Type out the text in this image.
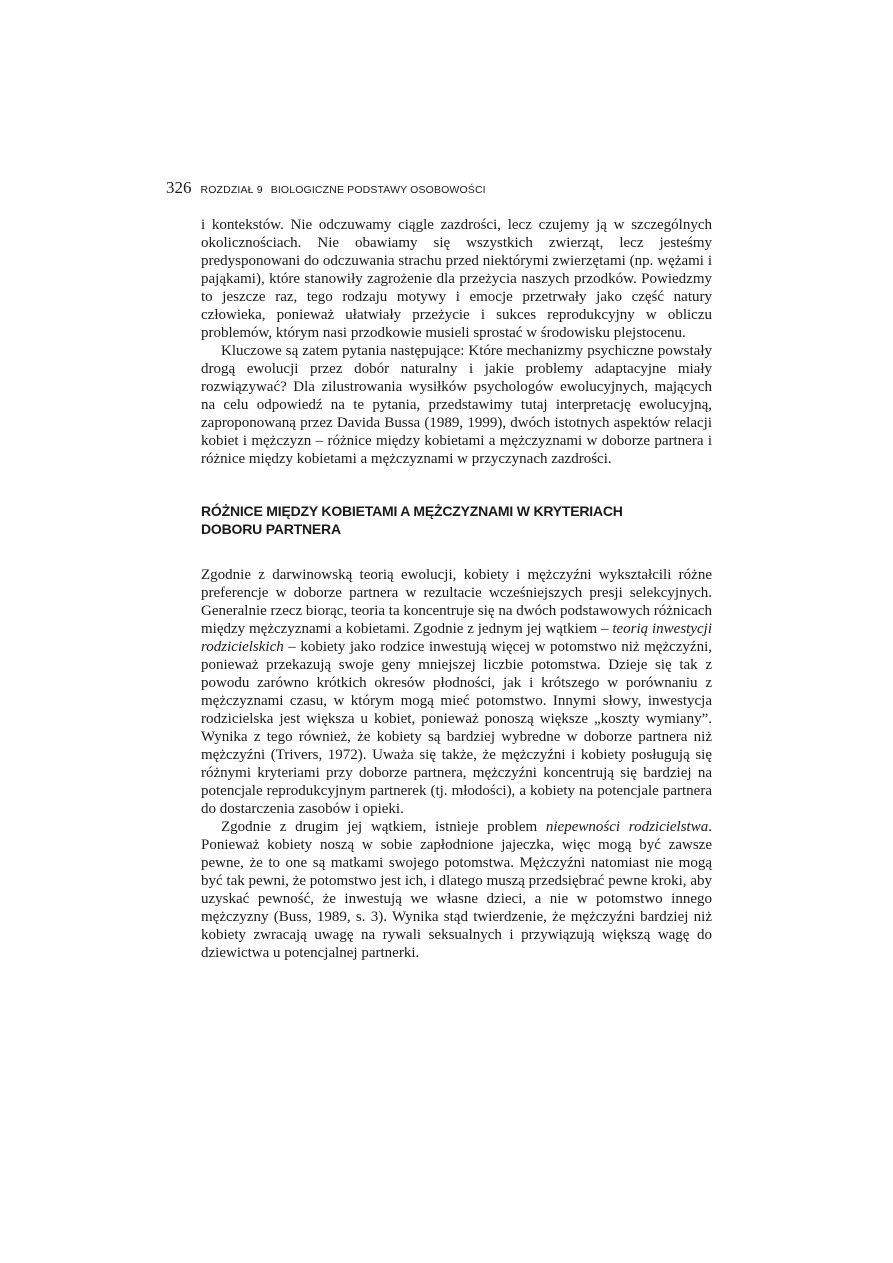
326 ROZDZIAŁ 9 BIOLOGICZNE PODSTAWY OSOBOWOŚCI

i kontekstów. Nie odczuwamy ciągle zazdrości, lecz czujemy ją w szczególnych okolicznościach. Nie obawiamy się wszystkich zwierząt, lecz jesteśmy predysponowani do odczuwania strachu przed niektórymi zwierzętami (np. wężami i pająkami), które stanowiły zagrożenie dla przeżycia naszych przodków. Powiedzmy to jeszcze raz, tego rodzaju motywy i emocje przetrwały jako część natury człowieka, ponieważ ułatwiały przeżycie i sukces reprodukcyjny w obliczu problemów, którym nasi przodkowie musieli sprostać w środowisku plejstocenu.

Kluczowe są zatem pytania następujące: Które mechanizmy psychiczne powstały drogą ewolucji przez dobór naturalny i jakie problemy adaptacyjne miały rozwiązywać? Dla zilustrowania wysiłków psychologów ewolucyjnych, mających na celu odpowiedź na te pytania, przedstawimy tutaj interpretację ewolucyjną, zaproponowaną przez Davida Bussa (1989, 1999), dwóch istotnych aspektów relacji kobiet i mężczyzn – różnice między kobietami a mężczyznami w doborze partnera i różnice między kobietami a mężczyznami w przyczynach zazdrości.

RÓŻNICE MIĘDZY KOBIETAMI A MĘŻCZYZNAMI W KRYTERIACH
DOBORU PARTNERA

Zgodnie z darwinowską teorią ewolucji, kobiety i mężczyźni wykształcili różne preferencje w doborze partnera w rezultacie wcześniejszych presji selekcyjnych. Generalnie rzecz biorąc, teoria ta koncentruje się na dwóch podstawowych różnicach między mężczyznami a kobietami. Zgodnie z jednym jej wątkiem – teorią inwestycji rodzicielskich – kobiety jako rodzice inwestują więcej w potomstwo niż mężczyźni, ponieważ przekazują swoje geny mniejszej liczbie potomstwa. Dzieje się tak z powodu zarówno krótkich okresów płodności, jak i krótszego w porównaniu z mężczyznami czasu, w którym mogą mieć potomstwo. Innymi słowy, inwestycja rodzicielska jest większa u kobiet, ponieważ ponoszą większe „koszty wymiany”. Wynika z tego również, że kobiety są bardziej wybredne w doborze partnera niż mężczyźni (Trivers, 1972). Uważa się także, że mężczyźni i kobiety posługują się różnymi kryteriami przy doborze partnera, mężczyźni koncentrują się bardziej na potencjale reprodukcyjnym partnerek (tj. młodości), a kobiety na potencjale partnera do dostarczenia zasobów i opieki.

Zgodnie z drugim jej wątkiem, istnieje problem niepewności rodzicielstwa. Ponieważ kobiety noszą w sobie zapłodnione jajeczka, więc mogą być zawsze pewne, że to one są matkami swojego potomstwa. Mężczyźni natomiast nie mogą być tak pewni, że potomstwo jest ich, i dlatego muszą przedsiębrać pewne kroki, aby uzyskać pewność, że inwestują we własne dzieci, a nie w potomstwo innego mężczyzny (Buss, 1989, s. 3). Wynika stąd twierdzenie, że mężczyźni bardziej niż kobiety zwracają uwagę na rywali seksualnych i przywiązują większą wagę do dziewictwa u potencjalnej partnerki.
